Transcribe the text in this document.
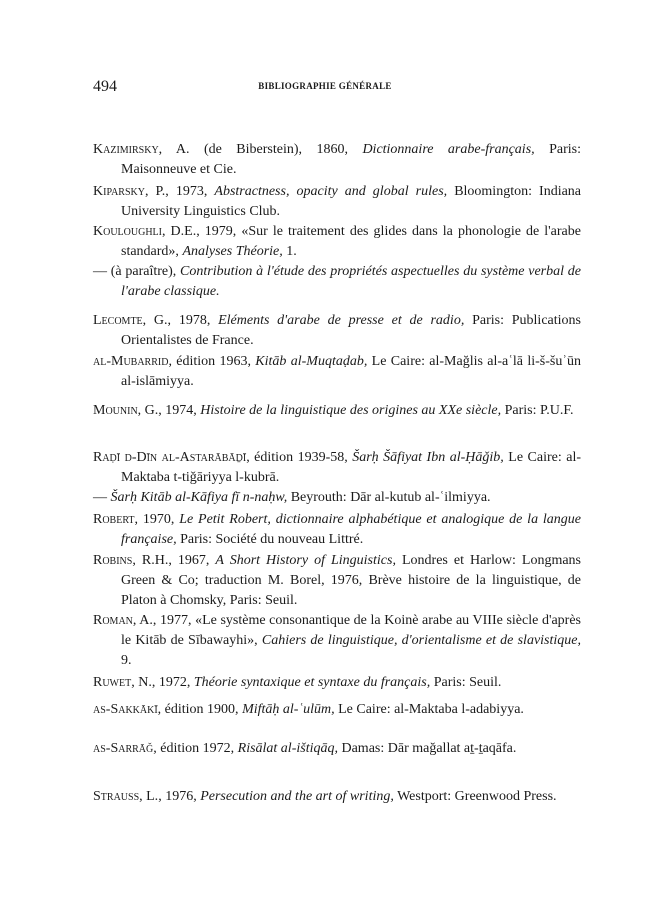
494	BIBLIOGRAPHIE GÉNÉRALE

Kazimirsky, A. (de Biberstein), 1860, Dictionnaire arabe-français, Paris: Maisonneuve et Cie.

Kiparsky, P., 1973, Abstractness, opacity and global rules, Bloomington: Indiana University Linguistics Club.

Kouloughli, D.E., 1979, «Sur le traitement des glides dans la phonologie de l'arabe standard», Analyses Théorie, 1.

— (à paraître), Contribution à l'étude des propriétés aspectuelles du système verbal de l'arabe classique.

Lecomte, G., 1978, Eléments d'arabe de presse et de radio, Paris: Publications Orientalistes de France.

al-Mubarrid, édition 1963, Kitāb al-Muqtaḍab, Le Caire: al-Mağlis al-aʿlā li-š-šuʾūn al-islāmiyya.

Mounin, G., 1974, Histoire de la linguistique des origines au XXe siècle, Paris: P.U.F.

Raḍī d-Dīn al-Astarābāḏī, édition 1939-58, Šarḥ Šāfiyat Ibn al-Ḥāǧib, Le Caire: al-Maktaba t-tiǧāriyya l-kubrā.

— Šarḥ Kitāb al-Kāfiya fī n-naḥw, Beyrouth: Dār al-kutub al-ʿilmiyya.

Robert, 1970, Le Petit Robert, dictionnaire alphabétique et analogique de la langue française, Paris: Société du nouveau Littré.

Robins, R.H., 1967, A Short History of Linguistics, Londres et Harlow: Longmans Green & Co; traduction M. Borel, 1976, Brève histoire de la linguistique, de Platon à Chomsky, Paris: Seuil.

Roman, A., 1977, «Le système consonantique de la Koinè arabe au VIIIe siècle d'après le Kitāb de Sībawayhi», Cahiers de linguistique, d'orientalisme et de slavistique, 9.

Ruwet, N., 1972, Théorie syntaxique et syntaxe du français, Paris: Seuil.

as-Sakkākī, édition 1900, Miftāḥ al-ʿulūm, Le Caire: al-Maktaba l-adabiyya.

as-Sarrāǧ, édition 1972, Risālat al-ištiqāq, Damas: Dār mağallat aṯ-ṯaqāfa.

Strauss, L., 1976, Persecution and the art of writing, Westport: Greenwood Press.
